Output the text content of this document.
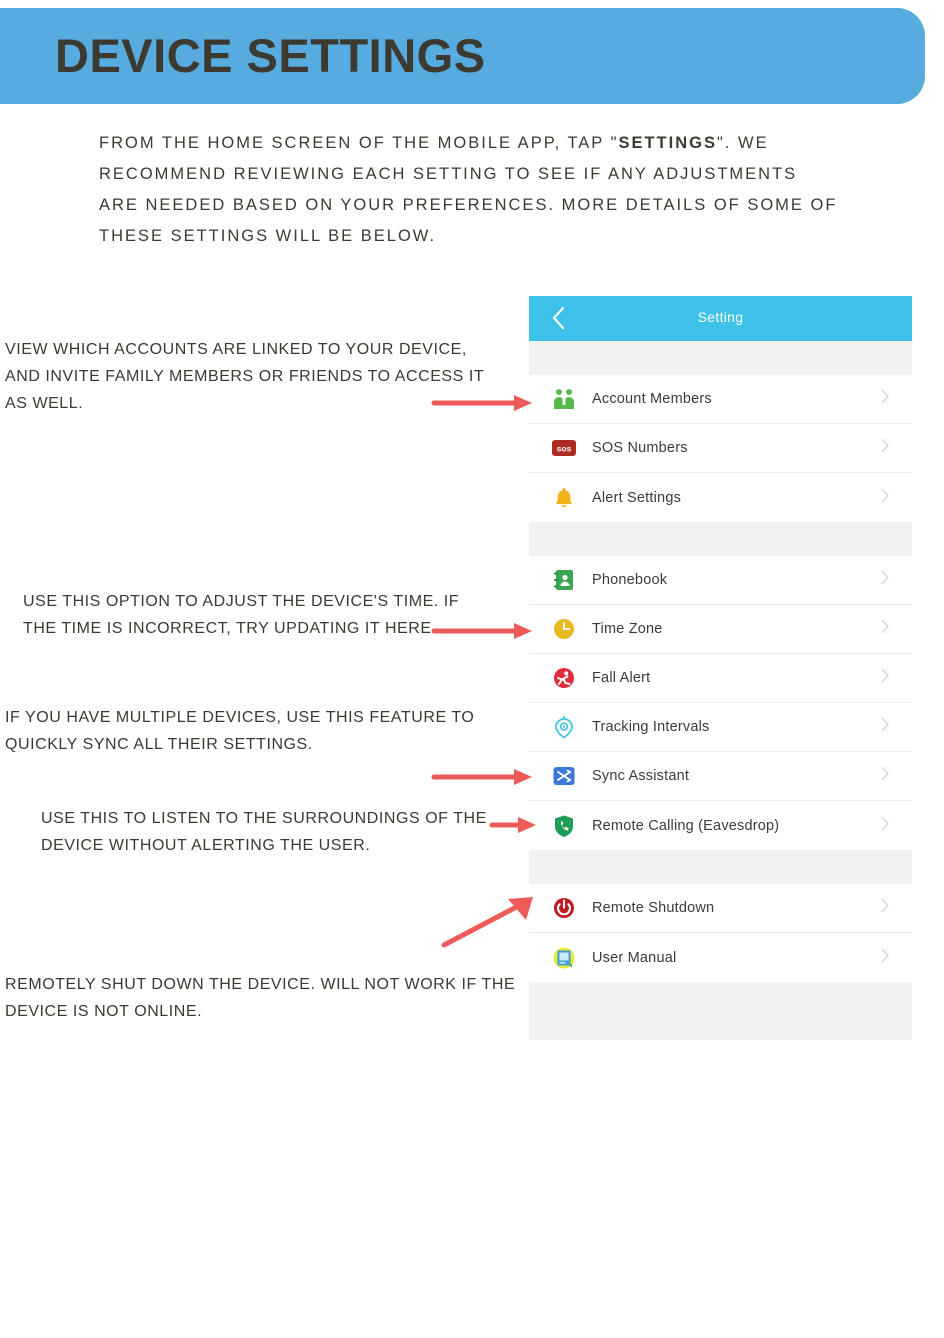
DEVICE SETTINGS
FROM THE HOME SCREEN OF THE MOBILE APP, TAP "SETTINGS". WE RECOMMEND REVIEWING EACH SETTING TO SEE IF ANY ADJUSTMENTS ARE NEEDED BASED ON YOUR PREFERENCES. MORE DETAILS OF SOME OF THESE SETTINGS WILL BE BELOW.
Setting
Account Members
sos SOS Numbers
Alert Settings
Phonebook
Time Zone
Fall Alert
Tracking Intervals
Sync Assistant
Remote Calling (Eavesdrop)
Remote Shutdown
User Manual
VIEW WHICH ACCOUNTS ARE LINKED TO YOUR DEVICE, AND INVITE FAMILY MEMBERS OR FRIENDS TO ACCESS IT AS WELL.
USE THIS OPTION TO ADJUST THE DEVICE'S TIME. IF THE TIME IS INCORRECT, TRY UPDATING IT HERE.
IF YOU HAVE MULTIPLE DEVICES, USE THIS FEATURE TO QUICKLY SYNC ALL THEIR SETTINGS.
USE THIS TO LISTEN TO THE SURROUNDINGS OF THE DEVICE WITHOUT ALERTING THE USER.
REMOTELY SHUT DOWN THE DEVICE. WILL NOT WORK IF THE DEVICE IS NOT ONLINE.
